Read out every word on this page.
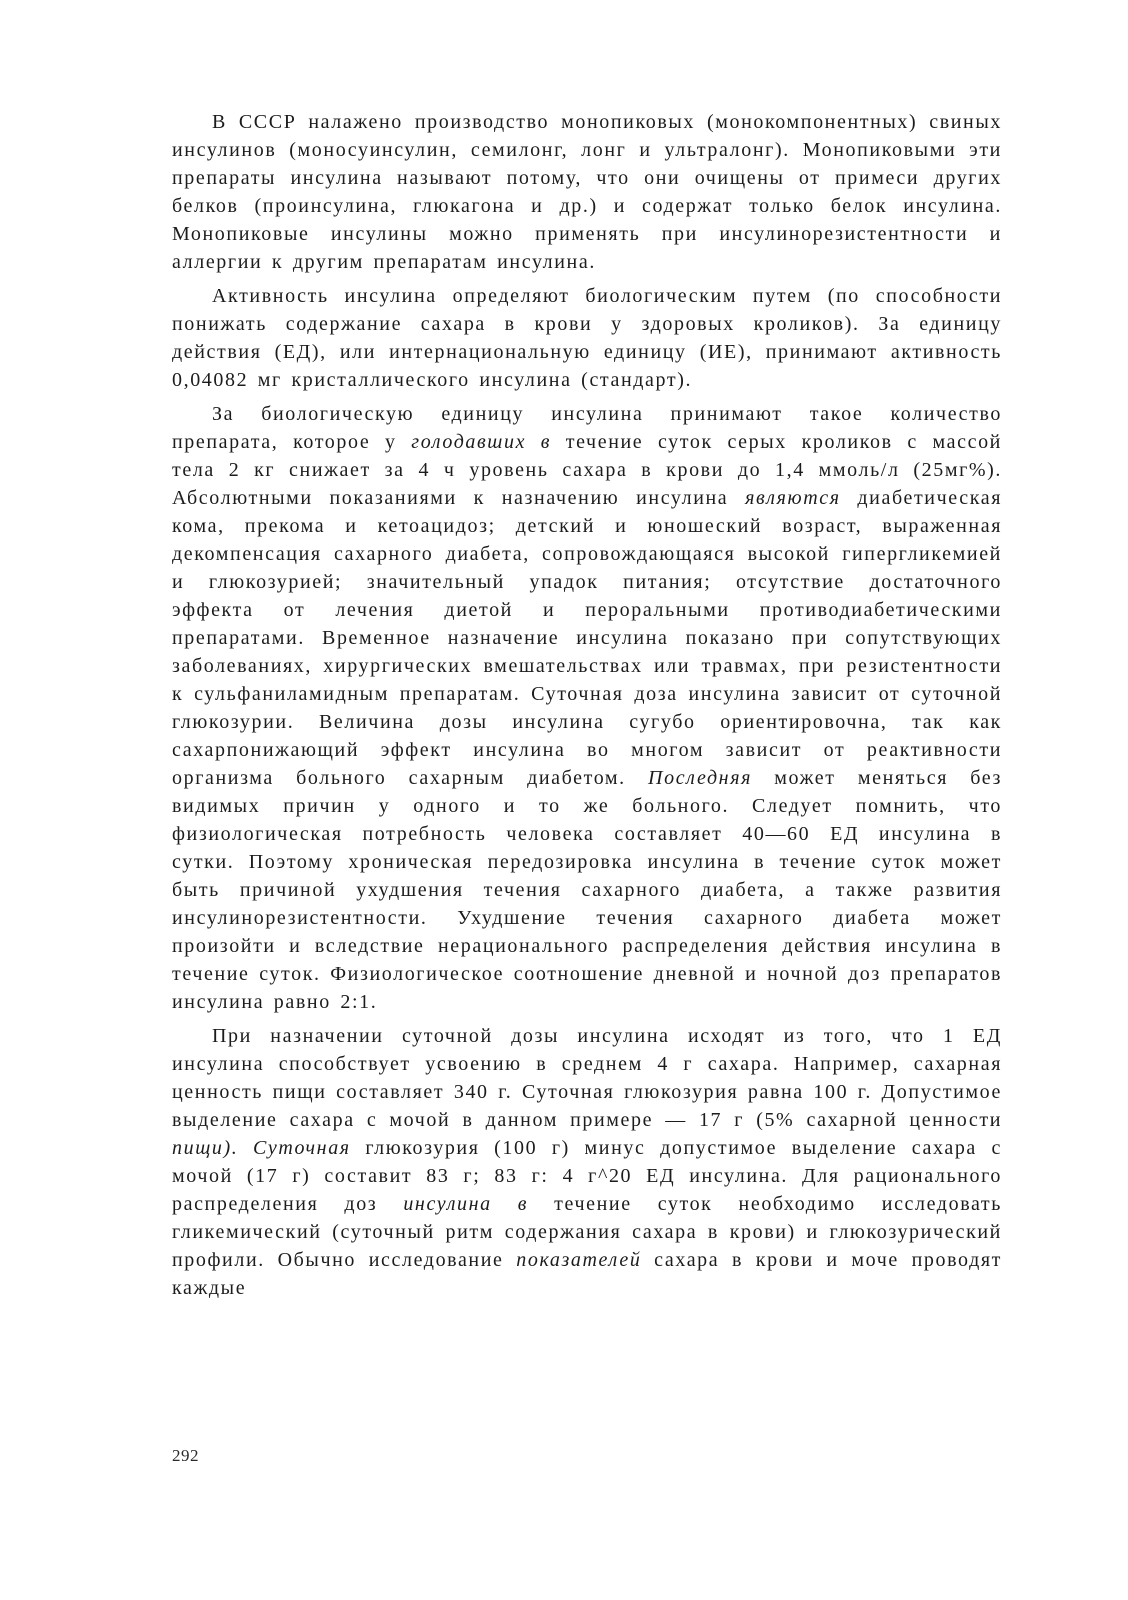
В СССР налажено производство монопиковых (монокомпонентных) свиных инсулинов (моносуинсулин, семилонг, лонг и ультралонг). Монопиковыми эти препараты инсулина называют потому, что они очищены от примеси других белков (проинсулина, глюкагона и др.) и содержат только белок инсулина. Монопиковые инсулины можно применять при инсулинорезистентности и аллергии к другим препаратам инсулина.

Активность инсулина определяют биологическим путем (по способности понижать содержание сахара в крови у здоровых кроликов). За единицу действия (ЕД), или интернациональную единицу (ИЕ), принимают активность 0,04082 мг кристаллического инсулина (стандарт).

За биологическую единицу инсулина принимают такое количество препарата, которое у голодавших в течение суток серых кроликов с массой тела 2 кг снижает за 4 ч уровень сахара в крови до 1,4 ммоль/л (25мг%). Абсолютными показаниями к назначению инсулина являются диабетическая кома, прекома и кетоацидоз; детский и юношеский возраст, выраженная декомпенсация сахарного диабета, сопровождающаяся высокой гипергликемией и глюкозурией; значительный упадок питания; отсутствие достаточного эффекта от лечения диетой и пероральными противодиабетическими препаратами. Временное назначение инсулина показано при сопутствующих заболеваниях, хирургических вмешательствах или травмах, при резистентности к сульфаниламидным препаратам. Суточная доза инсулина зависит от суточной глюкозурии. Величина дозы инсулина сугубо ориентировочна, так как сахарпонижающий эффект инсулина во многом зависит от реактивности организма больного сахарным диабетом. Последняя может меняться без видимых причин у одного и то же больного. Следует помнить, что физиологическая потребность человека составляет 40—60 ЕД инсулина в сутки. Поэтому хроническая передозировка инсулина в течение суток может быть причиной ухудшения течения сахарного диабета, а также развития инсулинорезистентности. Ухудшение течения сахарного диабета может произойти и вследствие нерационального распределения действия инсулина в течение суток. Физиологическое соотношение дневной и ночной доз препаратов инсулина равно 2:1.

При назначении суточной дозы инсулина исходят из того, что 1 ЕД инсулина способствует усвоению в среднем 4 г сахара. Например, сахарная ценность пищи составляет 340 г. Суточная глюкозурия равна 100 г. Допустимое выделение сахара с мочой в данном примере — 17 г (5% сахарной ценности пищи). Суточная глюкозурия (100 г) минус допустимое выделение сахара с мочой (17 г) составит 83 г; 83 г: 4 г^20 ЕД инсулина. Для рационального распределения доз инсулина в течение суток необходимо исследовать гликемический (суточный ритм содержания сахара в крови) и глюкозурический профили. Обычно исследование показателей сахара в крови и моче проводят каждые

292
